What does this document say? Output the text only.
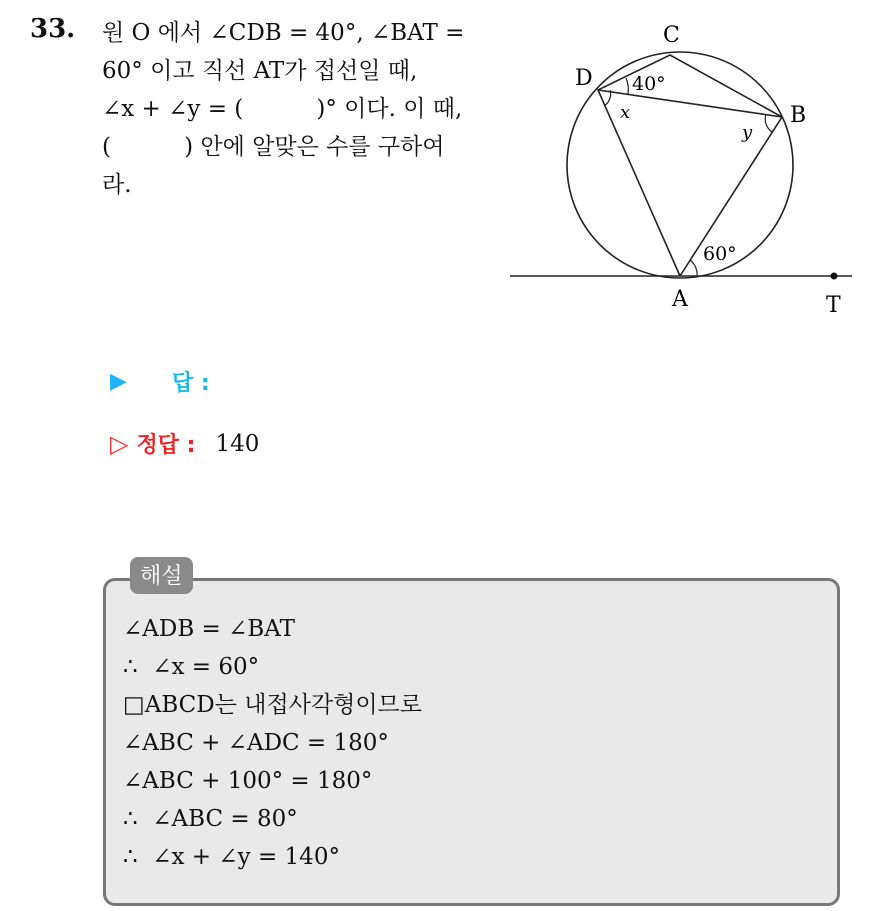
33. 원 O 에서 ∠CDB = 40°, ∠BAT =
60° 이고 직선 AT가 접선일 때,
∠x + ∠y = (          )° 이다. 이 때,
(          ) 안에 알맞은 수를 구하여
라.
C
D
B
A	T
40°
x
y
60°
▶	답 :
▷ 정답 : 140
해설
∠ADB = ∠BAT
∴  ∠x = 60°
□ABCD는 내접사각형이므로
∠ABC + ∠ADC = 180°
∠ABC + 100° = 180°
∴  ∠ABC = 80°
∴  ∠x + ∠y = 140°
